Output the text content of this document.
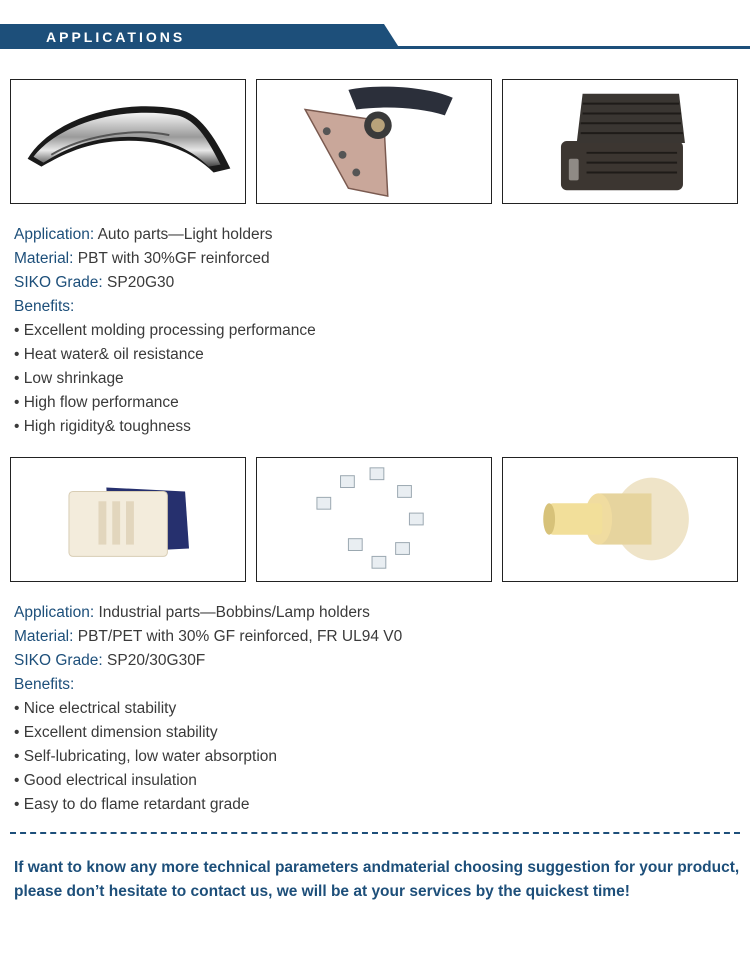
APPLICATIONS
Application: Auto parts—Light holders
Material: PBT with 30%GF reinforced
SIKO Grade: SP20G30
Benefits:
• Excellent molding processing performance
• Heat water& oil resistance
• Low shrinkage
• High flow performance
• High rigidity& toughness
Application: Industrial parts—Bobbins/Lamp holders
Material: PBT/PET with 30% GF reinforced, FR UL94 V0
SIKO Grade: SP20/30G30F
Benefits:
• Nice electrical stability
• Excellent dimension stability
• Self-lubricating, low water absorption
• Good electrical insulation
• Easy to do flame retardant grade
If want to know any more technical parameters andmaterial choosing suggestion for your product,
please don’t hesitate to contact us, we will be at your services by the quickest time!
